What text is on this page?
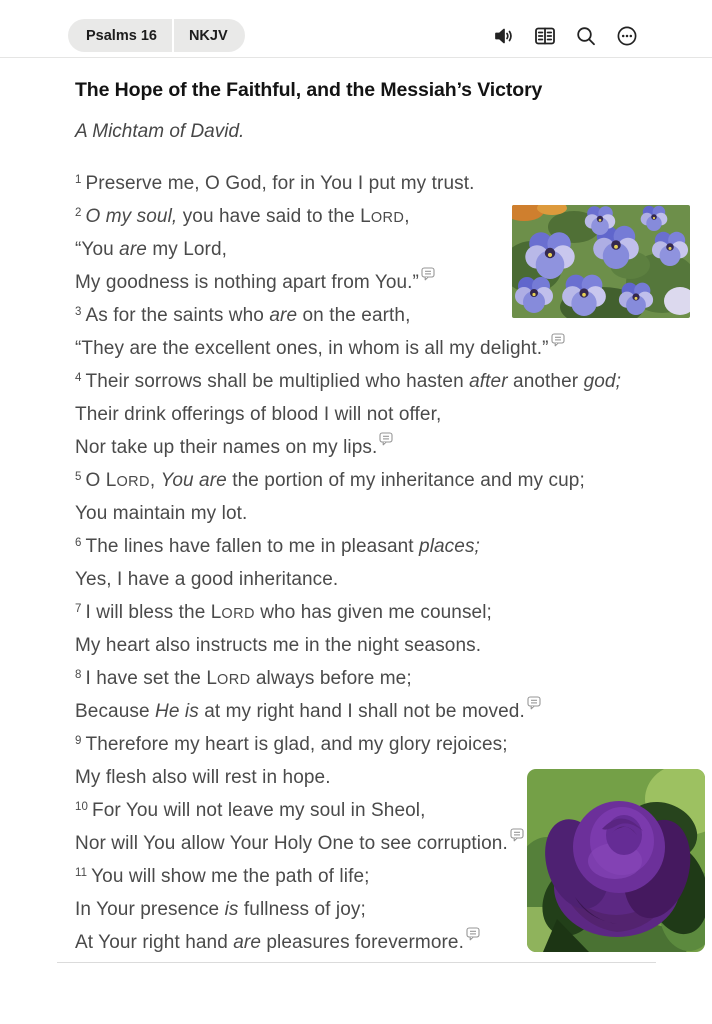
Psalms 16 NKJV
The Hope of the Faithful, and the Messiah’s Victory
A Michtam of David.
1 Preserve me, O God, for in You I put my trust.
2 O my soul, you have said to the LORD,
“You are my Lord,
My goodness is nothing apart from You.”
3 As for the saints who are on the earth,
“They are the excellent ones, in whom is all my delight.”
4 Their sorrows shall be multiplied who hasten after another god;
Their drink offerings of blood I will not offer,
Nor take up their names on my lips.
5 O LORD, You are the portion of my inheritance and my cup;
You maintain my lot.
6 The lines have fallen to me in pleasant places;
Yes, I have a good inheritance.
7 I will bless the LORD who has given me counsel;
My heart also instructs me in the night seasons.
8 I have set the LORD always before me;
Because He is at my right hand I shall not be moved.
9 Therefore my heart is glad, and my glory rejoices;
My flesh also will rest in hope.
10 For You will not leave my soul in Sheol,
Nor will You allow Your Holy One to see corruption.
11 You will show me the path of life;
In Your presence is fullness of joy;
At Your right hand are pleasures forevermore.
